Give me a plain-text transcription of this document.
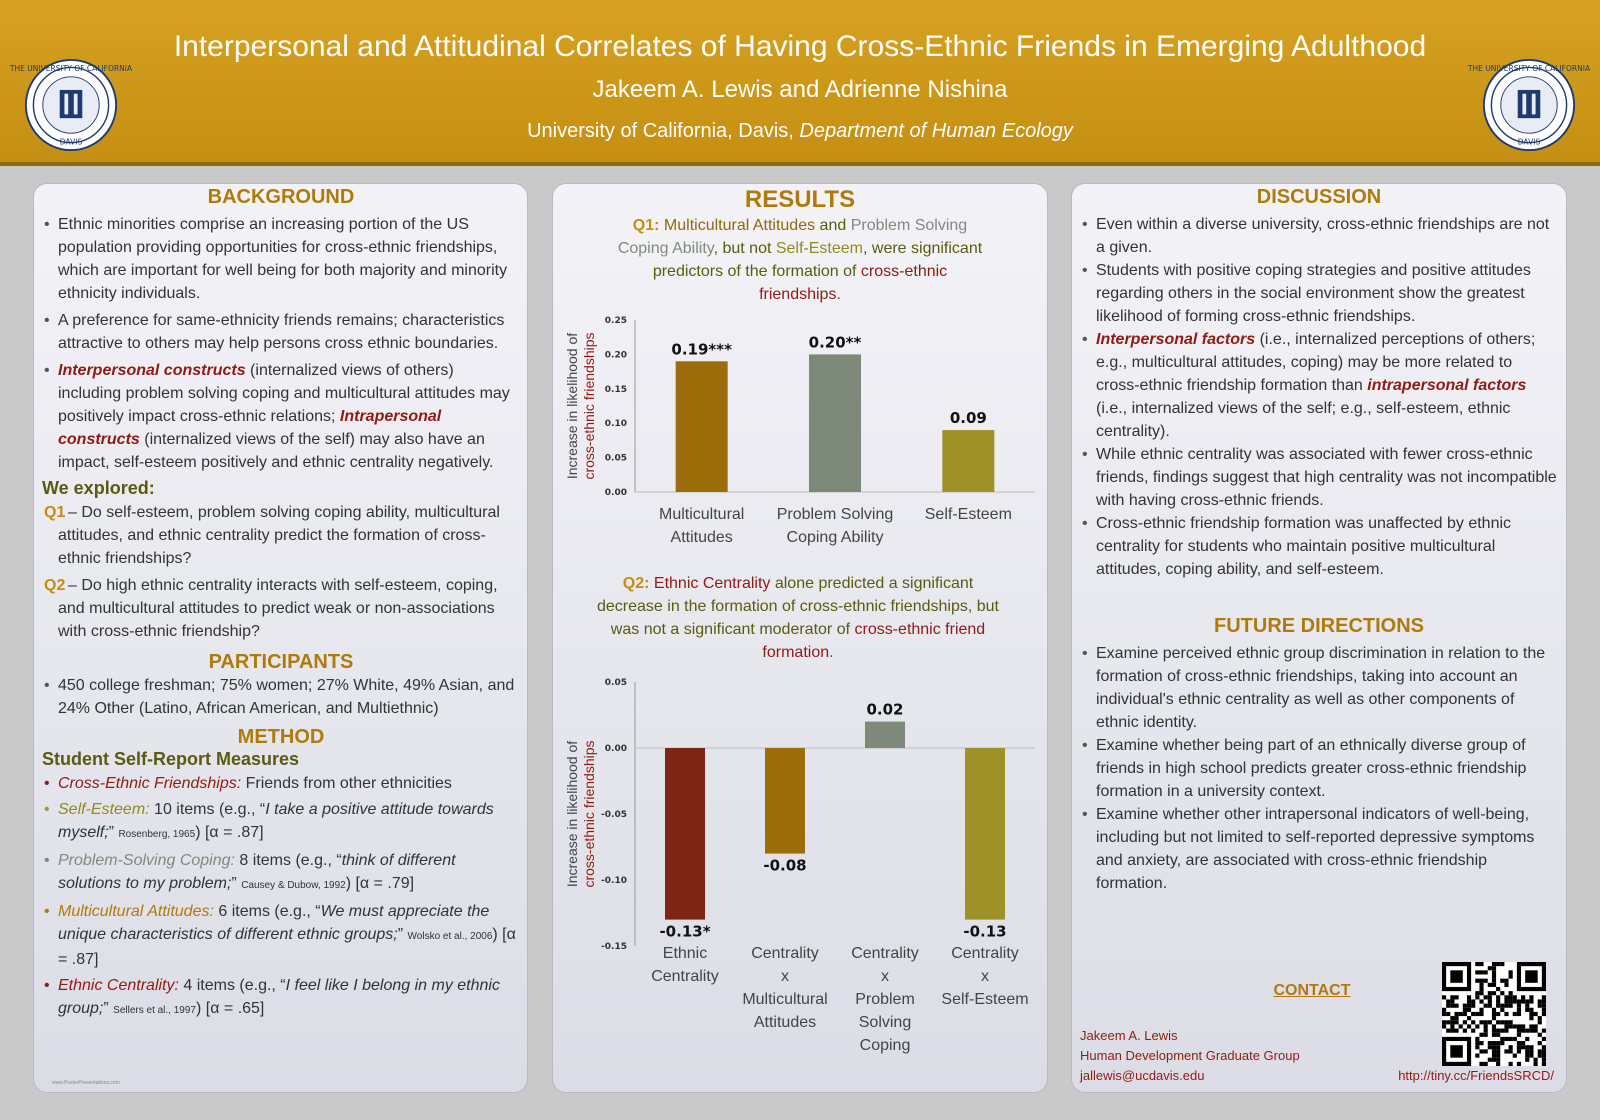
THE UNIVERSITY OF CALIFORNIA
DAVIS
Interpersonal and Attitudinal Correlates of Having Cross-Ethnic Friends in Emerging Adulthood
Jakeem A. Lewis and Adrienne Nishina
University of California, Davis, Department of Human Ecology
THE UNIVERSITY OF CALIFORNIA
DAVIS
BACKGROUND
• Ethnic minorities comprise an increasing portion of the US population providing opportunities for cross-ethnic friendships, which are important for well being for both majority and minority ethnicity individuals.
• A preference for same-ethnicity friends remains; characteristics attractive to others may help persons cross ethnic boundaries.
• Interpersonal constructs (internalized views of others) including problem solving coping and multicultural attitudes may positively impact cross-ethnic relations; Intrapersonal constructs (internalized views of the self) may also have an impact, self-esteem positively and ethnic centrality negatively.
We explored:
Q1 – Do self-esteem, problem solving coping ability, multicultural attitudes, and ethnic centrality predict the formation of cross-ethnic friendships?
Q2 – Do high ethnic centrality interacts with self-esteem, coping, and multicultural attitudes to predict weak or non-associations with cross-ethnic friendship?
PARTICIPANTS
• 450 college freshman; 75% women; 27% White, 49% Asian, and 24% Other (Latino, African American, and Multiethnic)
METHOD
Student Self-Report Measures
• Cross-Ethnic Friendships: Friends from other ethnicities
• Self-Esteem: 10 items (e.g., “I take a positive attitude towards myself;” Rosenberg, 1965) [α = .87]
• Problem-Solving Coping: 8 items (e.g., “think of different solutions to my problem;” Causey & Dubow, 1992) [α = .79]
• Multicultural Attitudes: 6 items (e.g., “We must appreciate the unique characteristics of different ethnic groups;” Wolsko et al., 2006) [α = .87]
• Ethnic Centrality: 4 items (e.g., “I feel like I belong in my ethnic group;” Sellers et al., 1997) [α = .65]
www.PosterPresentations.com
RESULTS
Q1: Multicultural Attitudes and Problem Solving Coping Ability, but not Self-Esteem, were significant predictors of the formation of cross-ethnic friendships.
0.00
0.05
0.10
0.15
0.20
0.25
Increase in likelihood ofcross-ethnic friendships	0.19***
Multicultural
Attitudes
0.20**
Problem Solving
Coping Ability
0.09
Self-Esteem
Q2: Ethnic Centrality alone predicted a significant decrease in the formation of cross-ethnic friendships, but was not a significant moderator of cross-ethnic friend formation.
0.05
0.00
-0.05
-0.10
-0.15
Increase in likelihood ofcross-ethnic friendships
-0.13*
Ethnic
Centrality
-0.08
Centrality
x
Multicultural
Attitudes
0.02
Centrality
x
Problem
Solving
Coping
-0.13
Centrality
x
Self-Esteem
DISCUSSION
• Even within a diverse university, cross-ethnic friendships are not a given.
• Students with positive coping strategies and positive attitudes regarding others in the social environment show the greatest likelihood of forming cross-ethnic friendships.
• Interpersonal factors (i.e., internalized perceptions of others; e.g., multicultural attitudes, coping) may be more related to cross-ethnic friendship formation than intrapersonal factors (i.e., internalized views of the self; e.g., self-esteem, ethnic centrality).
• While ethnic centrality was associated with fewer cross-ethnic friends, findings suggest that high centrality was not incompatible with having cross-ethnic friends.
• Cross-ethnic friendship formation was unaffected by ethnic centrality for students who maintain positive multicultural attitudes, coping ability, and self-esteem.
FUTURE DIRECTIONS
• Examine perceived ethnic group discrimination in relation to the formation of cross-ethnic friendships, taking into account an individual's ethnic centrality as well as other components of ethnic identity.
• Examine whether being part of an ethnically diverse group of friends in high school predicts greater cross-ethnic friendship formation in a university context.
• Examine whether other intrapersonal indicators of well-being, including but not limited to self-reported depressive symptoms and anxiety, are associated with cross-ethnic friendship formation.
CONTACT
Jakeem A. Lewis
Human Development Graduate Group
jallewis@ucdavis.edu	http://tiny.cc/FriendsSRCD/
